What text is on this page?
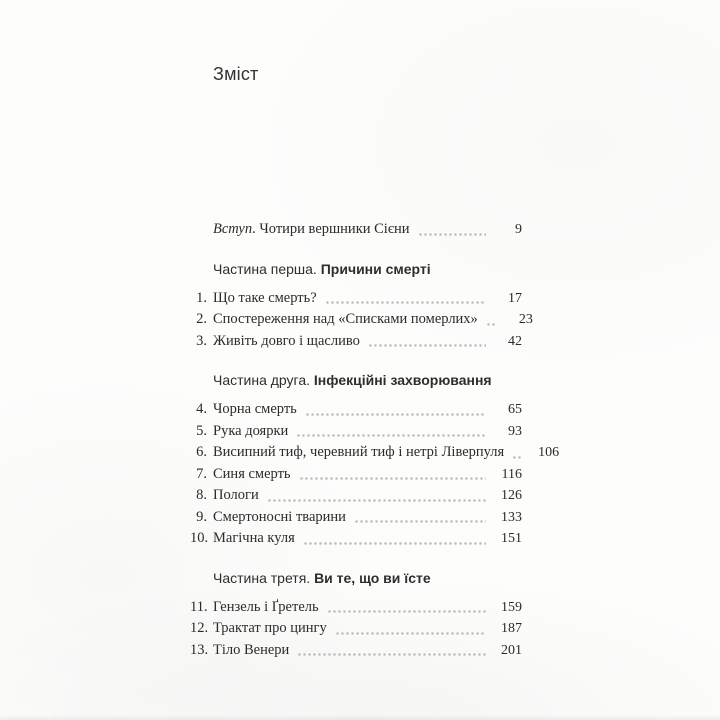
Зміст
Вступ. Чотири вершники Сієни	9
Частина перша. Причини смерті
1. Що таке смерть?	17
2. Спостереження над «Списками померлих»	23
3. Живіть довго і щасливо	42
Частина друга. Інфекційні захворювання
4. Чорна смерть	65
5. Рука доярки	93
6. Висипний тиф, черевний тиф і нетрі Ліверпуля 106
7. Синя смерть	116
8. Пологи	126
9. Смертоносні тварини	133
10. Магічна куля	151
Частина третя. Ви те, що ви їсте
11. Гензель і Ґретель	159
12. Трактат про цингу	187
13. Тіло Венери	201
